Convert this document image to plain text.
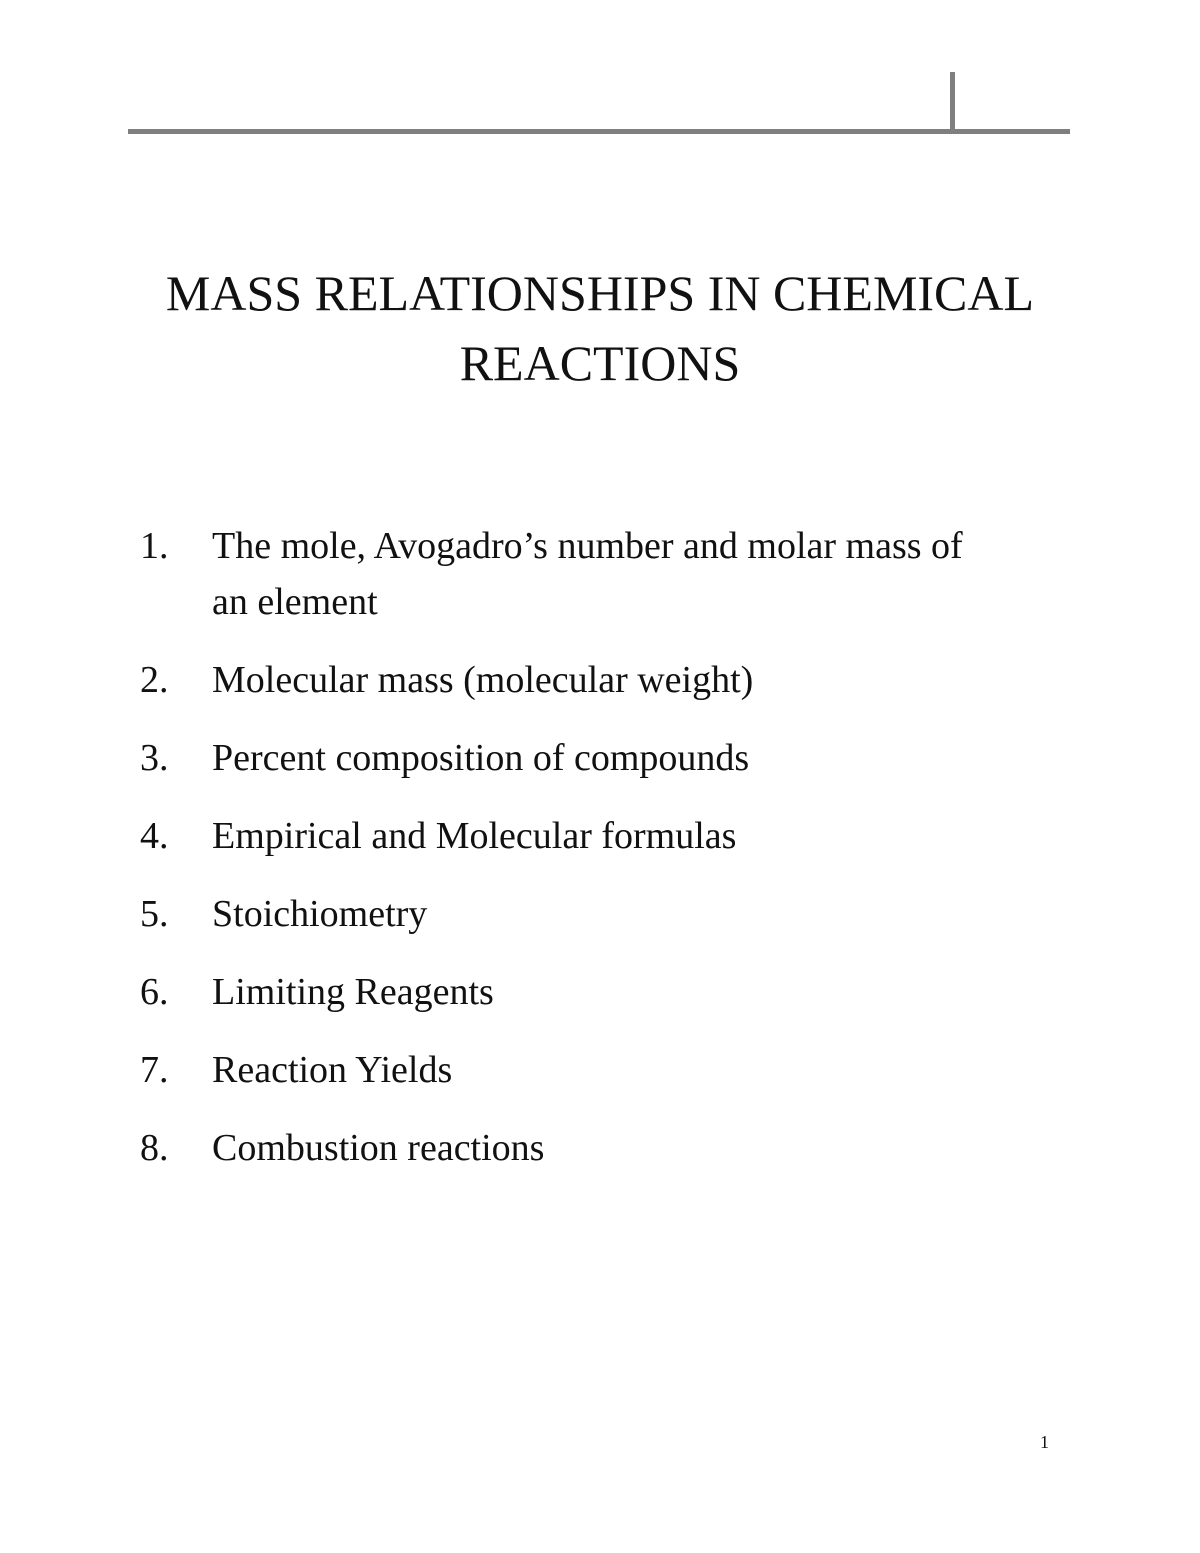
MASS RELATIONSHIPS IN CHEMICAL
REACTIONS
1.	The mole, Avogadro’s number and molar mass of an element
2.	Molecular mass (molecular weight)
3.	Percent composition of compounds
4.	Empirical and Molecular formulas
5.	Stoichiometry
6.	Limiting Reagents
7.	Reaction Yields
8.	Combustion reactions
1
